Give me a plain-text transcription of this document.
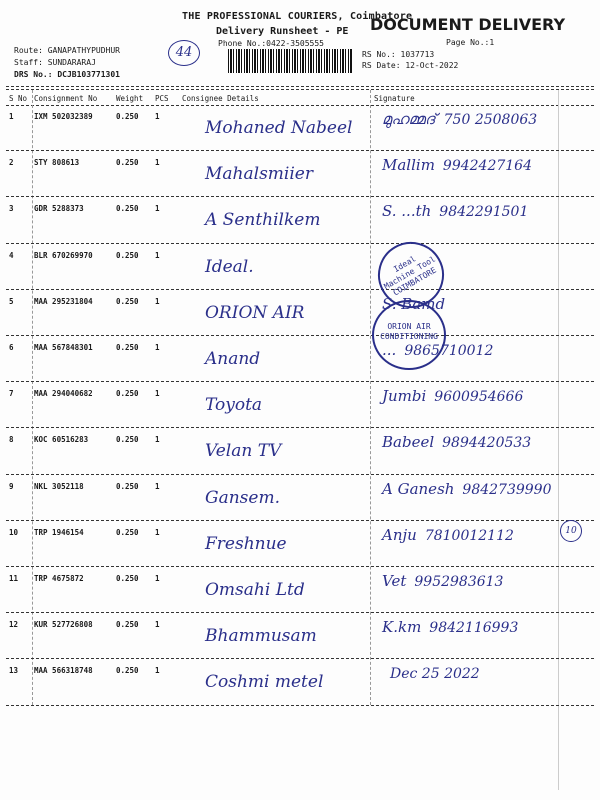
THE PROFESSIONAL COURIERS, Coimbatore
Delivery Runsheet - PE
Phone No.:0422-3505555
DOCUMENT DELIVERY
Page No.:1
Route: GANAPATHYPUDHUR
Staff: SUNDARARAJ
DRS No.: DCJB103771301
RS No.: 1037713
RS Date: 12-Oct-2022
44
S No Consignment No	Weight PCS Consignee Details	Signature
1	IXM 502032389	0.250 1
Mohaned Nabeel മുഹമ്മദ് 750 2508063
2	STY 808613	0.250 1
Mahalsmiier	Mallim 9942427164
3	GDR 5288373	0.250 1
A Senthilkem	S. ...th 9842291501
4	BLR 670269970	0.250 1
Ideal.
5	MAA 295231804	0.250 1
ORION AIR	S. Bamd
6	MAA 567848301	0.250 1
Anand	... 9865710012
7	MAA 294040682	0.250 1
Toyota	Jumbi 9600954666
8	KOC 60516283	0.250 1
Velan TV	Babeel 9894420533
9	NKL 3052118	0.250 1
Gansem.	A Ganesh 9842739990
10 TRP 1946154	0.250 1
Freshnue	Anju 7810012112
11 TRP 4675872	0.250 1
Omsahi Ltd	Vet 9952983613
12 KUR 527726808	0.250 1
Bhammusam	K.km 9842116993
13 MAA 566318748	0.250 1
Coshmi metel	Dec 25 2022
Ideal Machine Tool COIMBATORE
ORION AIR CONDITIONING
10
